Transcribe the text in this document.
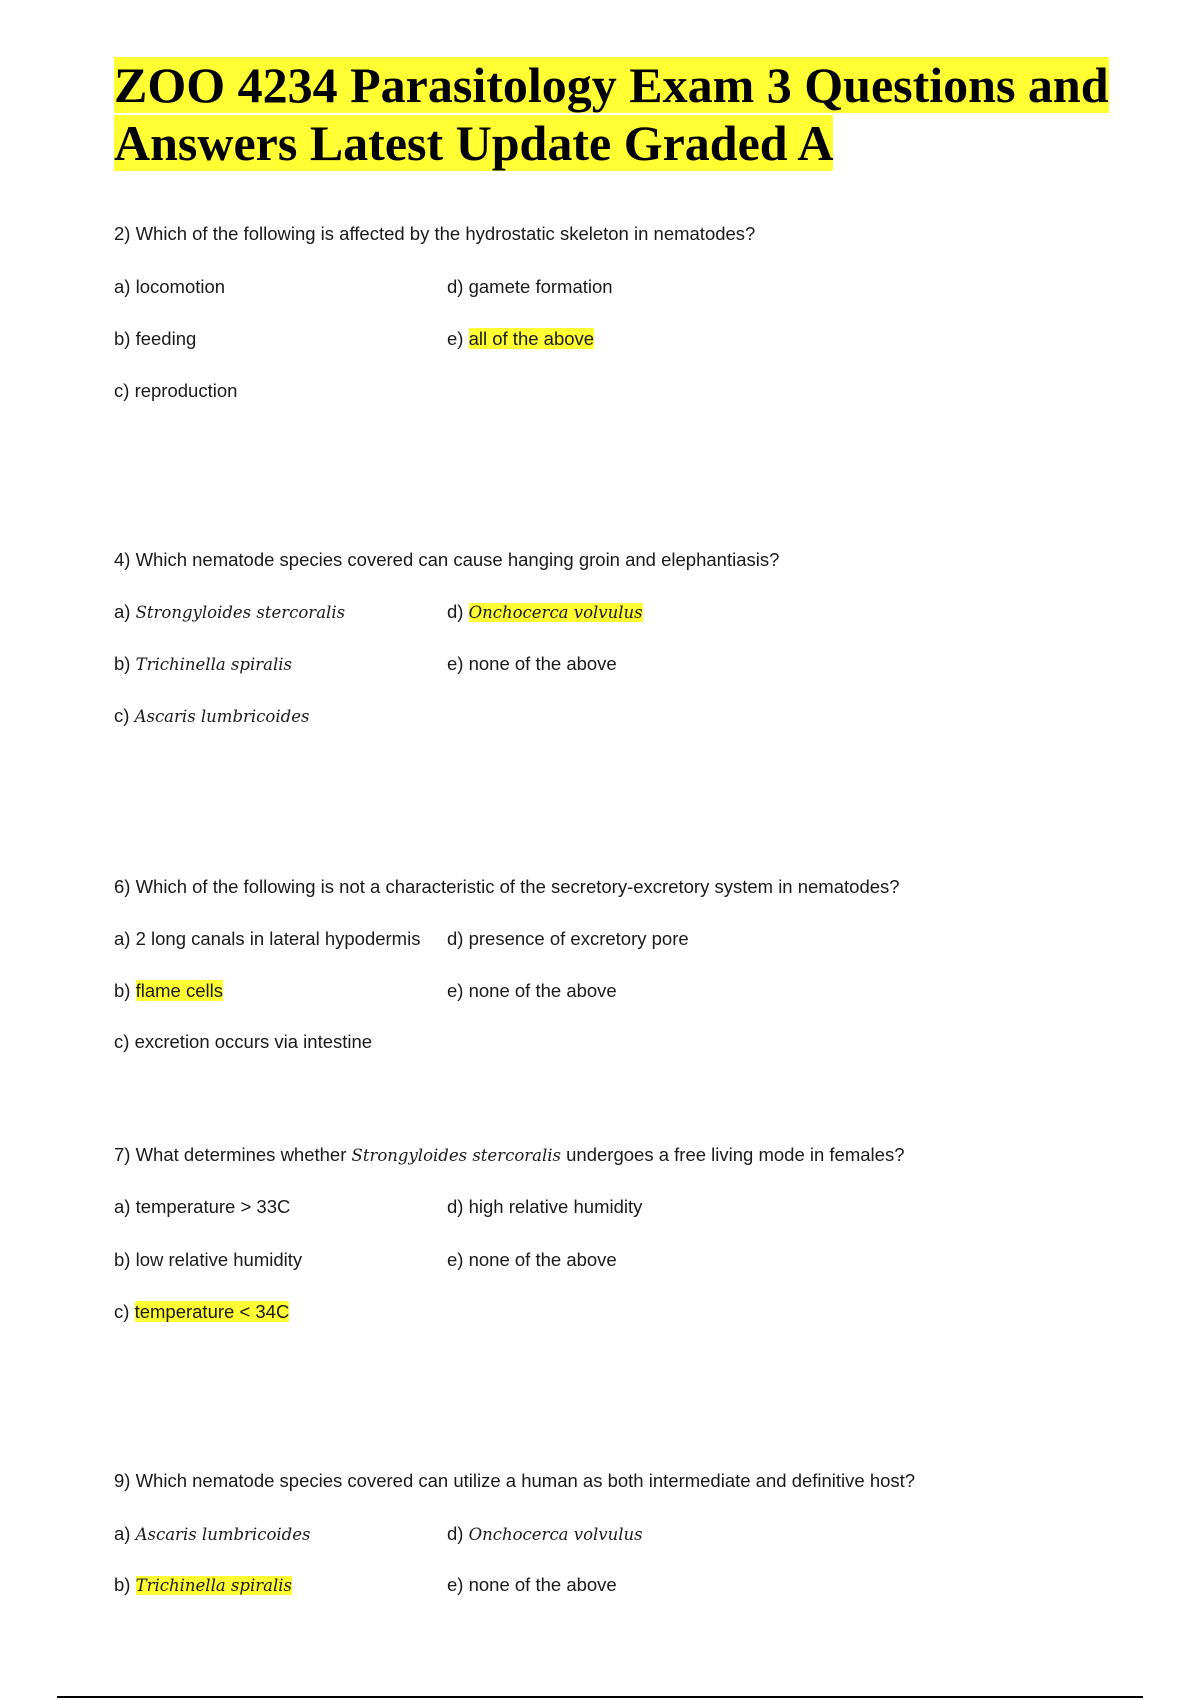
ZOO 4234 Parasitology Exam 3 Questions and Answers Latest Update Graded A
2) Which of the following is affected by the hydrostatic skeleton in nematodes?
a) locomotion	d) gamete formation
b) feeding	e) all of the above
c) reproduction
4) Which nematode species covered can cause hanging groin and elephantiasis?
a) Strongyloides stercoralis	d) Onchocerca volvulus
b) Trichinella spiralis	e) none of the above
c) Ascaris lumbricoides
6) Which of the following is not a characteristic of the secretory-excretory system in nematodes?
a) 2 long canals in lateral hypodermis d) presence of excretory pore
b) flame cells	e) none of the above
c) excretion occurs via intestine
7) What determines whether Strongyloides stercoralis undergoes a free living mode in females?
a) temperature > 33C	d) high relative humidity
b) low relative humidity	e) none of the above
c) temperature < 34C
9) Which nematode species covered can utilize a human as both intermediate and definitive host?
a) Ascaris lumbricoides	d) Onchocerca volvulus
b) Trichinella spiralis	e) none of the above
